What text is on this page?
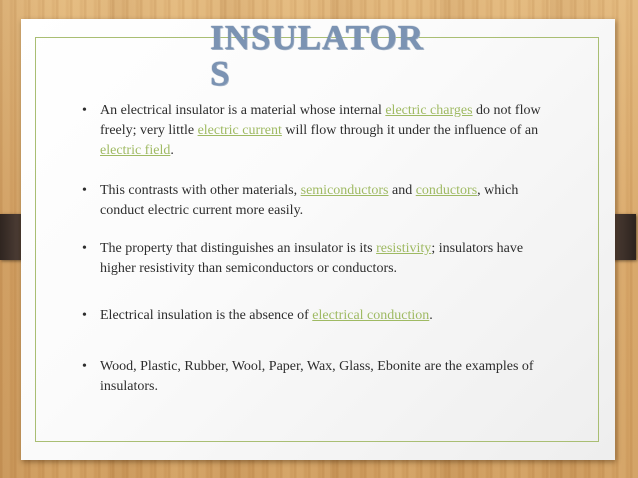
INSULATORS
• An electrical insulator is a material whose internal electric charges do not flow freely; very little electric current will flow through it under the influence of an electric field.
• This contrasts with other materials, semiconductors and conductors, which conduct electric current more easily.
• The property that distinguishes an insulator is its resistivity; insulators have higher resistivity than semiconductors or conductors.
• Electrical insulation is the absence of electrical conduction.
• Wood, Plastic, Rubber, Wool, Paper, Wax, Glass, Ebonite are the examples of insulators.
